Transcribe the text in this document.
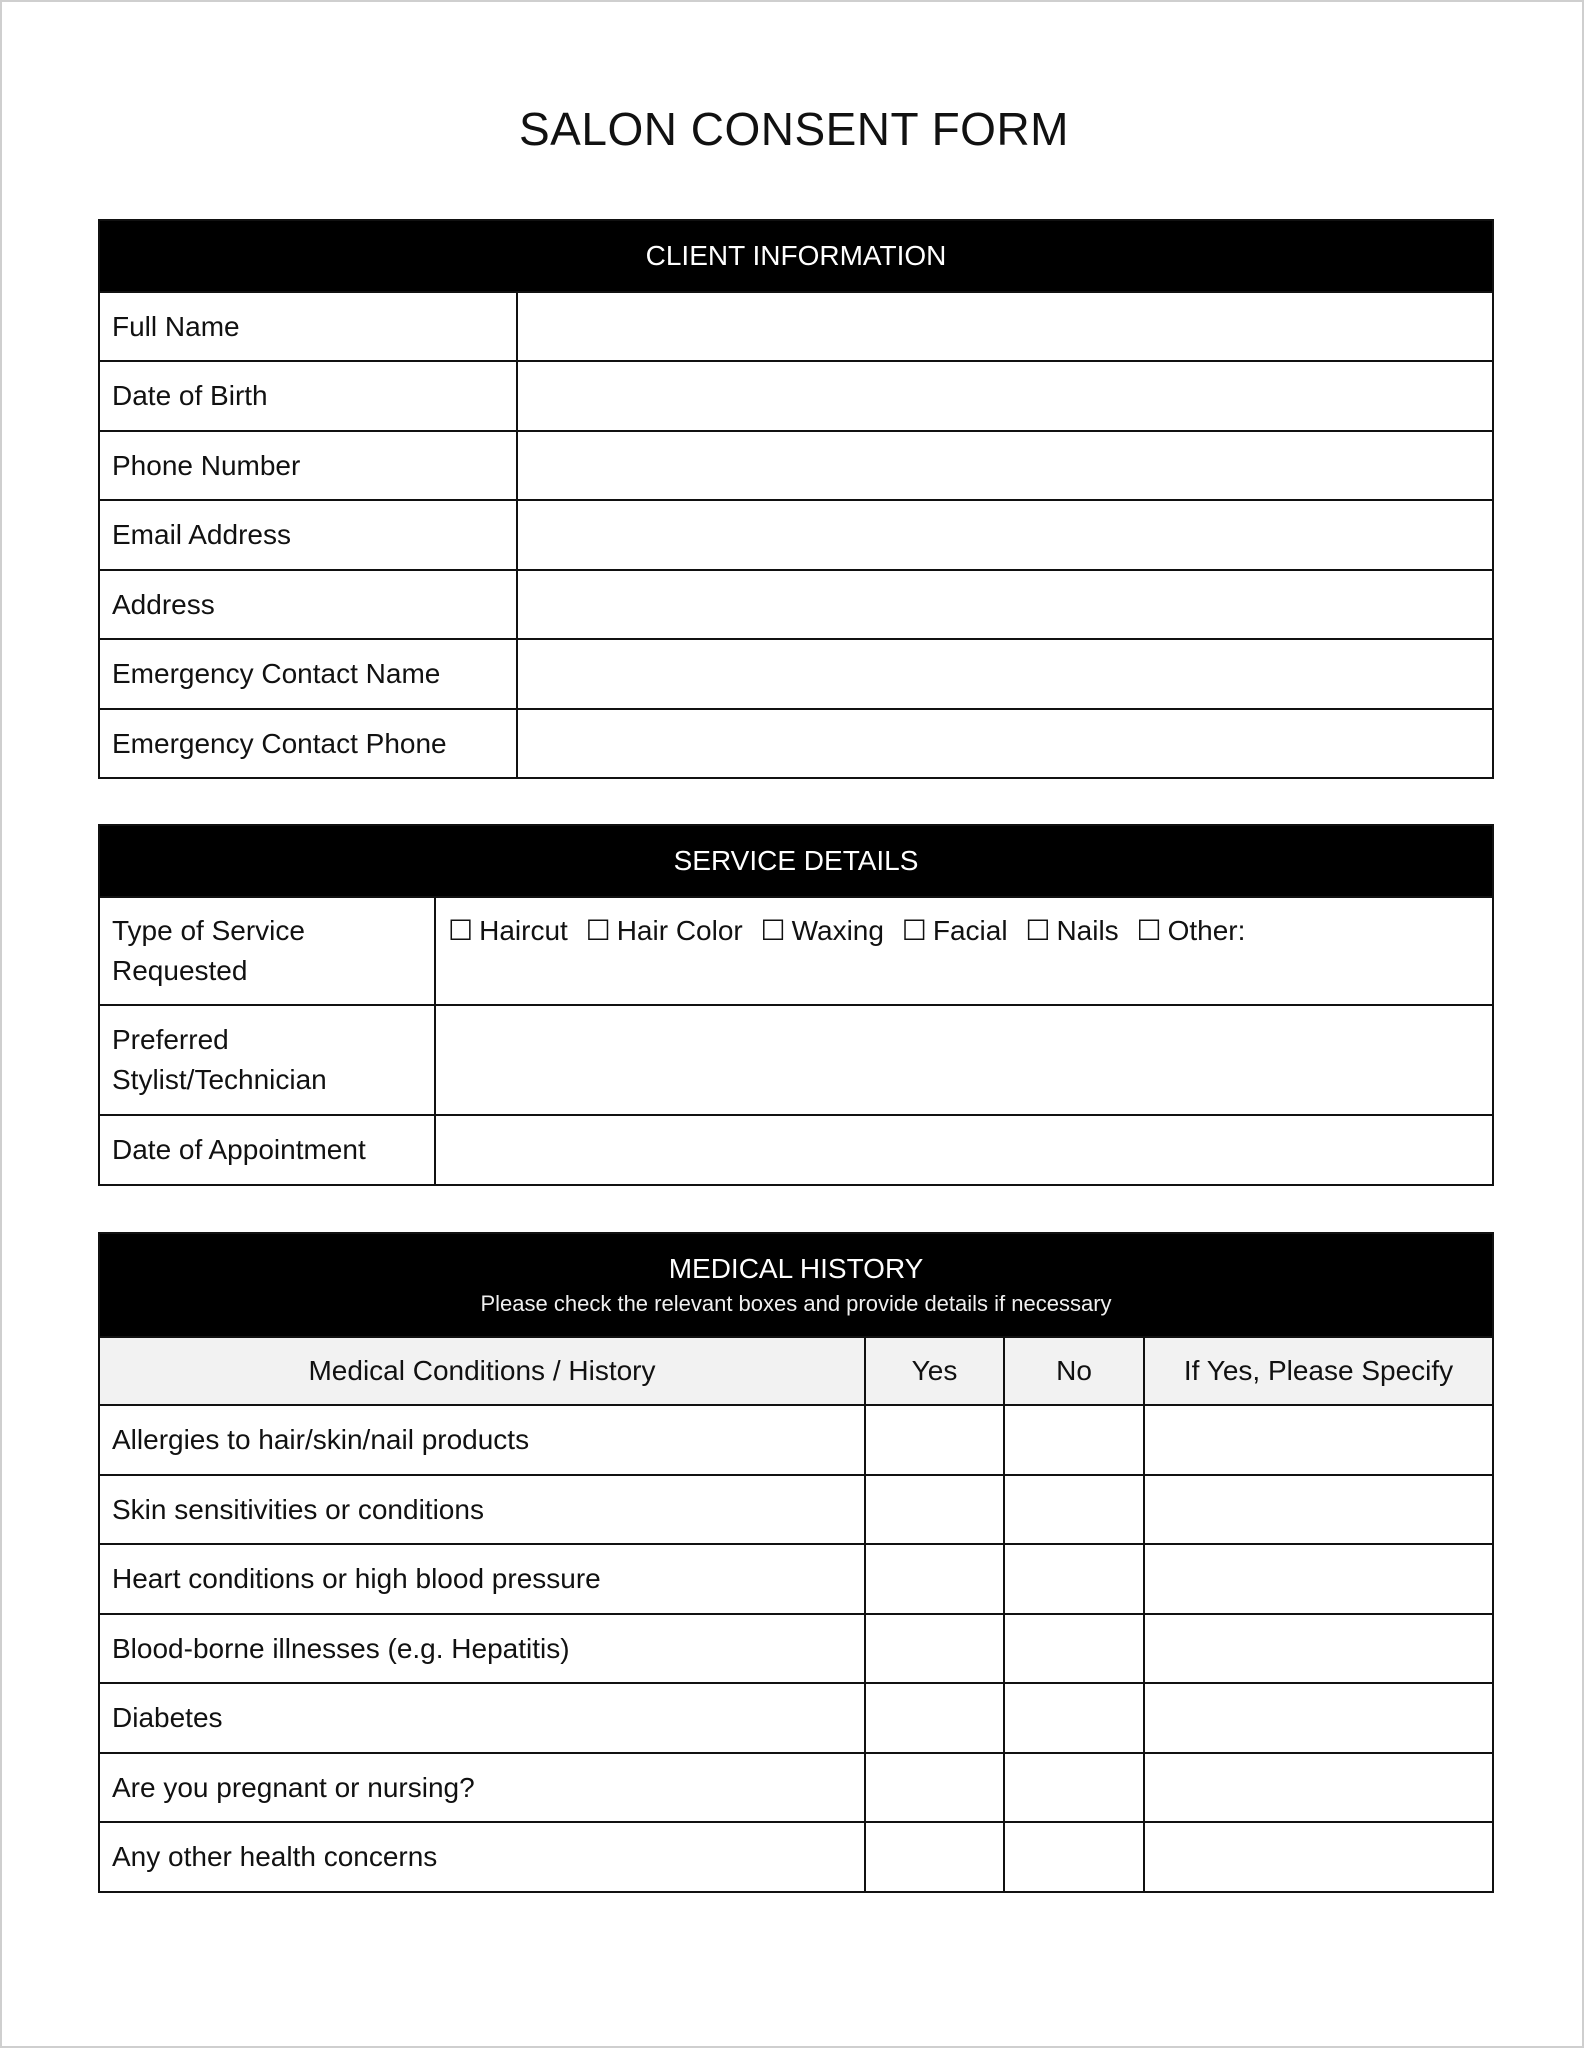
SALON CONSENT FORM
CLIENT INFORMATION	
Full Name	
Date of Birth	
Phone Number	
Email Address	
Address	
Emergency Contact Name	
Emergency Contact Phone	
SERVICE DETAILS	
Type of Service
Requested	☐ Haircut ☐ Hair Color ☐ Waxing ☐ Facial ☐ Nails ☐ Other:
Preferred
Stylist/Technician	
Date of Appointment	
MEDICAL HISTORY
Please check the relevant boxes and provide details if necessary			

Medical Conditions / History	Yes	No	If Yes, Please Specify
Allergies to hair/skin/nail products			
Skin sensitivities or conditions			
Heart conditions or high blood pressure			
Blood-borne illnesses (e.g. Hepatitis)			
Diabetes			
Are you pregnant or nursing?			
Any other health concerns			
